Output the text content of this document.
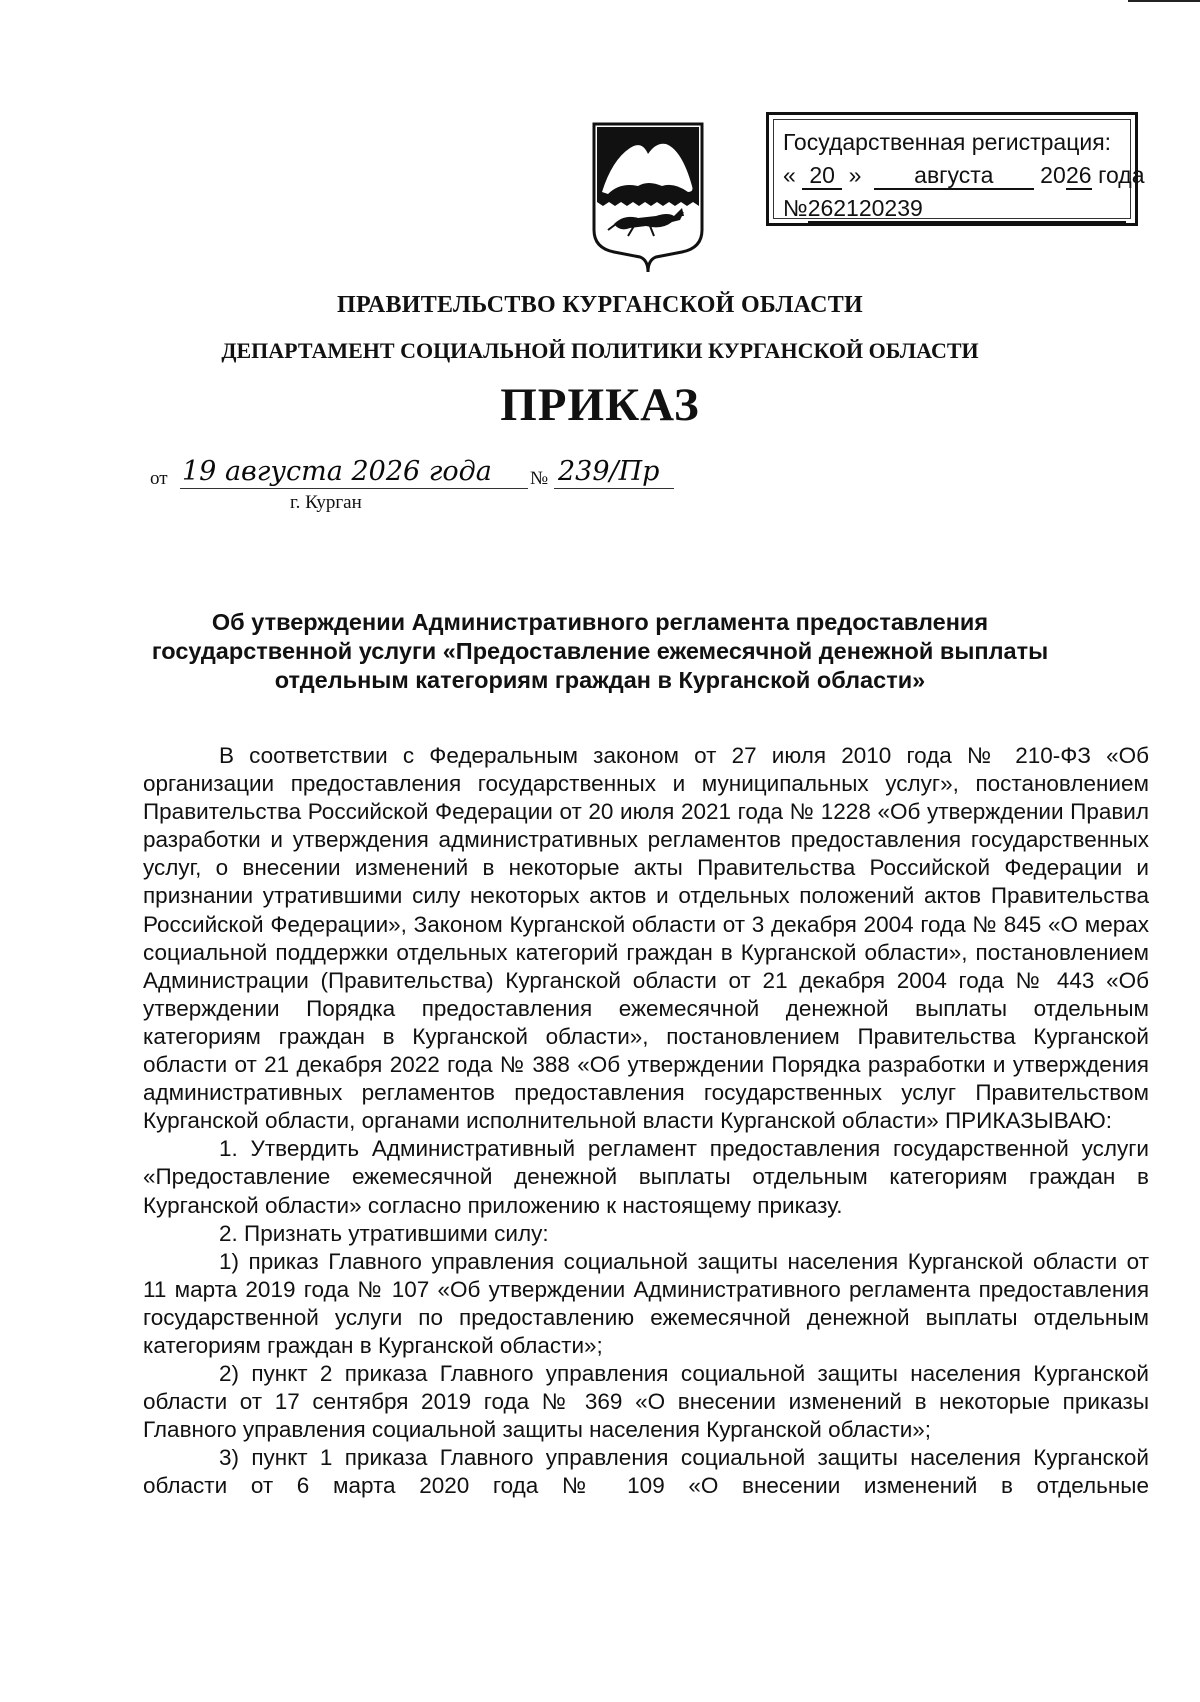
Государственная регистрация:
« 20 » августа 2026 года
№262120239
ПРАВИТЕЛЬСТВО КУРГАНСКОЙ ОБЛАСТИ
ДЕПАРТАМЕНТ СОЦИАЛЬНОЙ ПОЛИТИКИ КУРГАНСКОЙ ОБЛАСТИ
ПРИКАЗ
от 19 августа 2026 года № 239/Пр
г. Курган
Об утверждении Административного регламента предоставления
государственной услуги «Предоставление ежемесячной денежной выплаты
отдельным категориям граждан в Курганской области»

В соответствии с Федеральным законом от 27 июля 2010 года № 210-ФЗ «Об организации предоставления государственных и муниципальных услуг», постановлением Правительства Российской Федерации от 20 июля 2021 года № 1228 «Об утверждении Правил разработки и утверждения административных регламентов предоставления государственных услуг, о внесении изменений в некоторые акты Правительства Российской Федерации и признании утратившими силу некоторых актов и отдельных положений актов Правительства Российской Федерации», Законом Курганской области от 3 декабря 2004 года № 845 «О мерах социальной поддержки отдельных категорий граждан в Курганской области», постановлением Администрации (Правительства) Курганской области от 21 декабря 2004 года № 443 «Об утверждении Порядка предоставления ежемесячной денежной выплаты отдельным категориям граждан в Курганской области», постановлением Правительства Курганской области от 21 декабря 2022 года № 388 «Об утверждении Порядка разработки и утверждения административных регламентов предоставления государственных услуг Правительством Курганской области, органами исполнительной власти Курганской области» ПРИКАЗЫВАЮ:

1. Утвердить Административный регламент предоставления государственной услуги «Предоставление ежемесячной денежной выплаты отдельным категориям граждан в Курганской области» согласно приложению к настоящему приказу.

2. Признать утратившими силу:

1) приказ Главного управления социальной защиты населения Курганской области от 11 марта 2019 года № 107 «Об утверждении Административного регламента предоставления государственной услуги по предоставлению ежемесячной денежной выплаты отдельным категориям граждан в Курганской области»;

2) пункт 2 приказа Главного управления социальной защиты населения Курганской области от 17 сентября 2019 года № 369 «О внесении изменений в некоторые приказы Главного управления социальной защиты населения Курганской области»;

3) пункт 1 приказа Главного управления социальной защиты населения Курганской области от 6 марта 2020 года № 109 «О внесении изменений в отдельные
